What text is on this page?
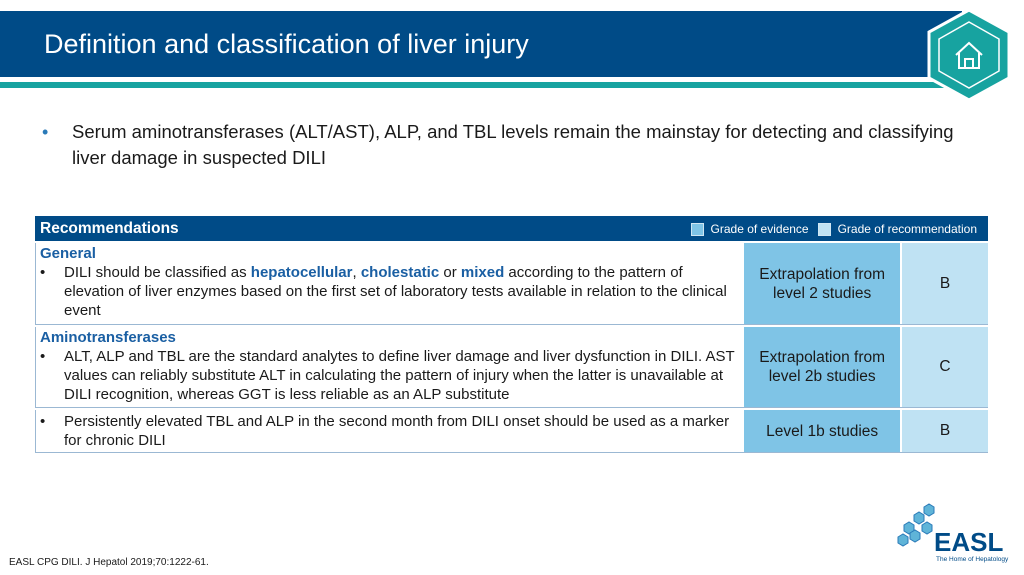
Definition and classification of liver injury
• Serum aminotransferases (ALT/AST), ALP, and TBL levels remain the mainstay for detecting and classifying liver damage in suspected DILI
Recommendations	Grade of evidence Grade of recommendation
General
• DILI should be classified as hepatocellular, cholestatic or mixed according to the pattern of elevation of liver enzymes based on the first set of laboratory tests available in relation to the clinical event
Extrapolation from level 2 studies
B
Aminotransferases
• ALT, ALP and TBL are the standard analytes to define liver damage and liver dysfunction in DILI. AST values can reliably substitute ALT in calculating the pattern of injury when the latter is unavailable at DILI recognition, whereas GGT is less reliable as an ALP substitute
Extrapolation from level 2b studies
C
• Persistently elevated TBL and ALP in the second month from DILI onset should be used as a marker for chronic DILI
Level 1b studies	B
EASL CPG DILI. J Hepatol 2019;70:1222-61.
EASL
The Home of Hepatology
